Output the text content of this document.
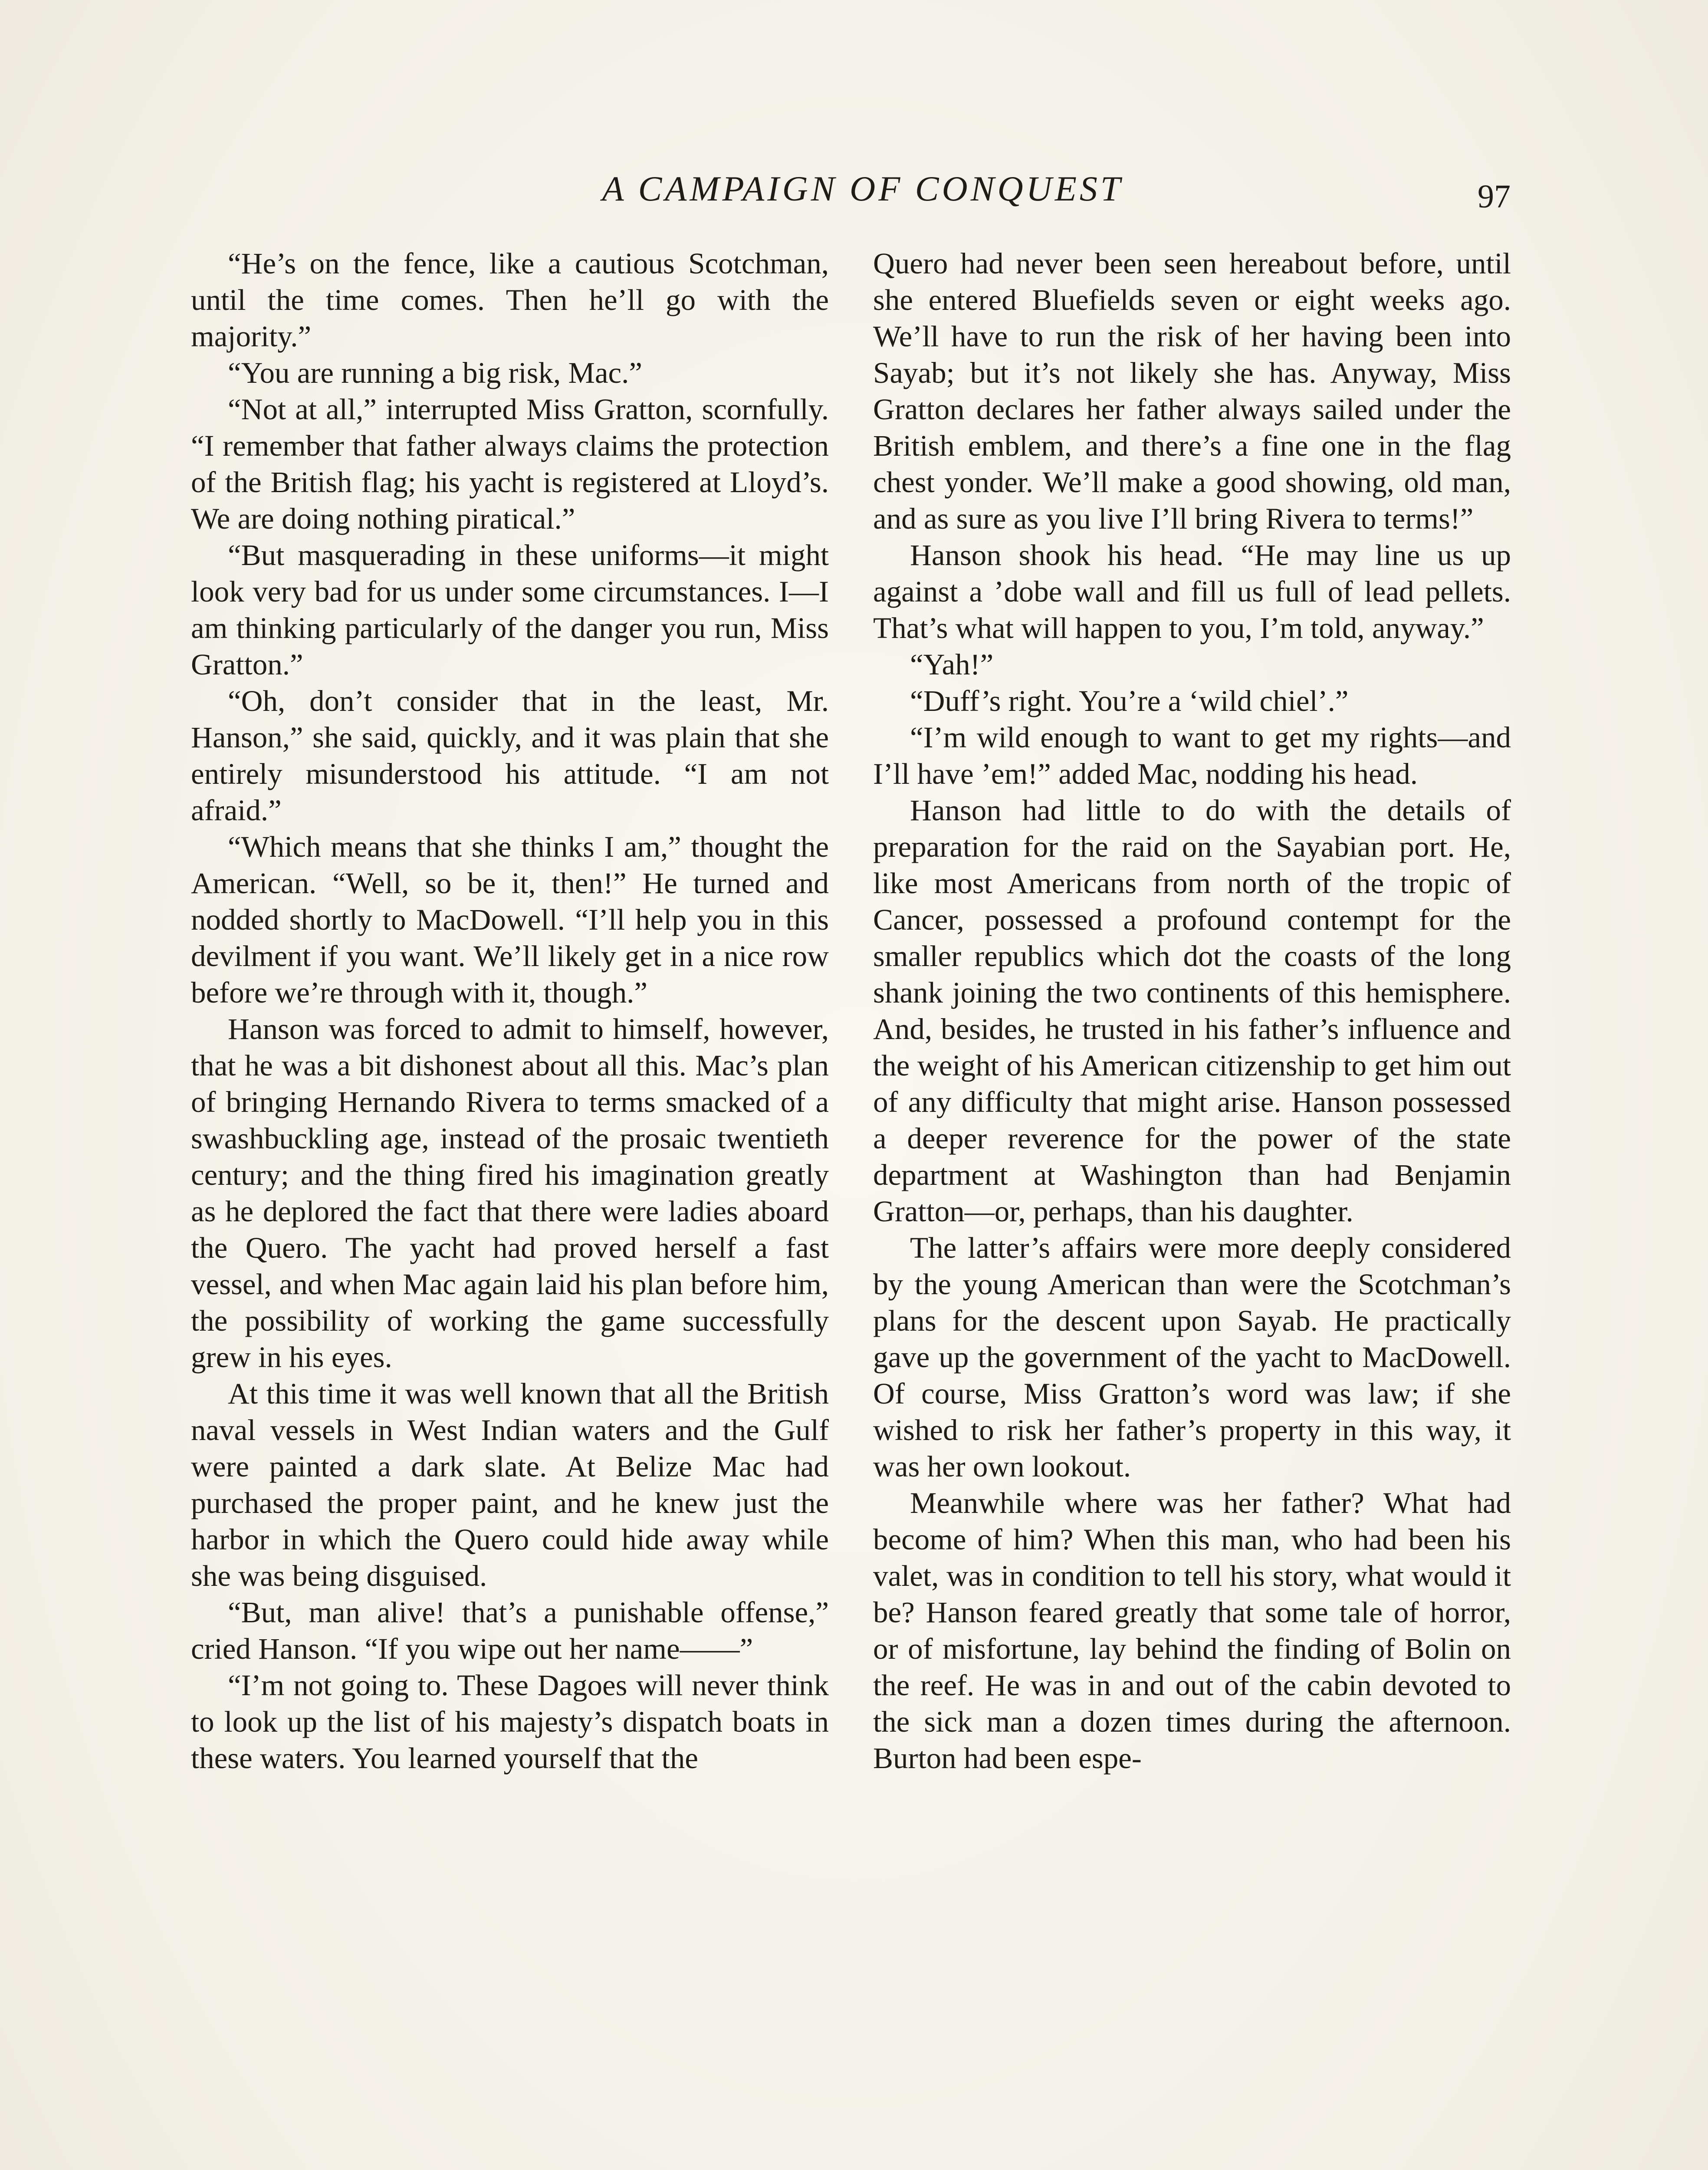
A CAMPAIGN OF CONQUEST	97

“He’s on the fence, like a cautious Scotchman, until the time comes. Then he’ll go with the majority.”

“You are running a big risk, Mac.”

“Not at all,” interrupted Miss Gratton, scornfully. “I remember that father always claims the protection of the British flag; his yacht is registered at Lloyd’s. We are doing nothing piratical.”

“But masquerading in these uniforms—it might look very bad for us under some circumstances. I—I am thinking particularly of the danger you run, Miss Gratton.”

“Oh, don’t consider that in the least, Mr. Hanson,” she said, quickly, and it was plain that she entirely misunderstood his attitude. “I am not afraid.”

“Which means that she thinks I am,” thought the American. “Well, so be it, then!” He turned and nodded shortly to MacDowell. “I’ll help you in this devilment if you want. We’ll likely get in a nice row before we’re through with it, though.”

Hanson was forced to admit to himself, however, that he was a bit dishonest about all this. Mac’s plan of bringing Hernando Rivera to terms smacked of a swashbuckling age, instead of the prosaic twentieth century; and the thing fired his imagination greatly as he deplored the fact that there were ladies aboard the Quero. The yacht had proved herself a fast vessel, and when Mac again laid his plan before him, the possibility of working the game successfully grew in his eyes.

At this time it was well known that all the British naval vessels in West Indian waters and the Gulf were painted a dark slate. At Belize Mac had purchased the proper paint, and he knew just the harbor in which the Quero could hide away while she was being disguised.

“But, man alive! that’s a punishable offense,” cried Hanson. “If you wipe out her name——”

“I’m not going to. These Dagoes will never think to look up the list of his majesty’s dispatch boats in these waters. You learned yourself that the

Quero had never been seen hereabout before, until she entered Bluefields seven or eight weeks ago. We’ll have to run the risk of her having been into Sayab; but it’s not likely she has. Anyway, Miss Gratton declares her father always sailed under the British emblem, and there’s a fine one in the flag chest yonder. We’ll make a good showing, old man, and as sure as you live I’ll bring Rivera to terms!”

Hanson shook his head. “He may line us up against a ’dobe wall and fill us full of lead pellets. That’s what will happen to you, I’m told, anyway.”

“Yah!”

“Duff’s right. You’re a ‘wild chiel’.”

“I’m wild enough to want to get my rights—and I’ll have ’em!” added Mac, nodding his head.

Hanson had little to do with the details of preparation for the raid on the Sayabian port. He, like most Americans from north of the tropic of Cancer, possessed a profound contempt for the smaller republics which dot the coasts of the long shank joining the two continents of this hemisphere. And, besides, he trusted in his father’s influence and the weight of his American citizenship to get him out of any difficulty that might arise. Hanson possessed a deeper reverence for the power of the state department at Washington than had Benjamin Gratton—or, perhaps, than his daughter.

The latter’s affairs were more deeply considered by the young American than were the Scotchman’s plans for the descent upon Sayab. He practically gave up the government of the yacht to MacDowell. Of course, Miss Gratton’s word was law; if she wished to risk her father’s property in this way, it was her own lookout.

Meanwhile where was her father? What had become of him? When this man, who had been his valet, was in condition to tell his story, what would it be? Hanson feared greatly that some tale of horror, or of misfortune, lay behind the finding of Bolin on the reef. He was in and out of the cabin devoted to the sick man a dozen times during the afternoon. Burton had been espe-
